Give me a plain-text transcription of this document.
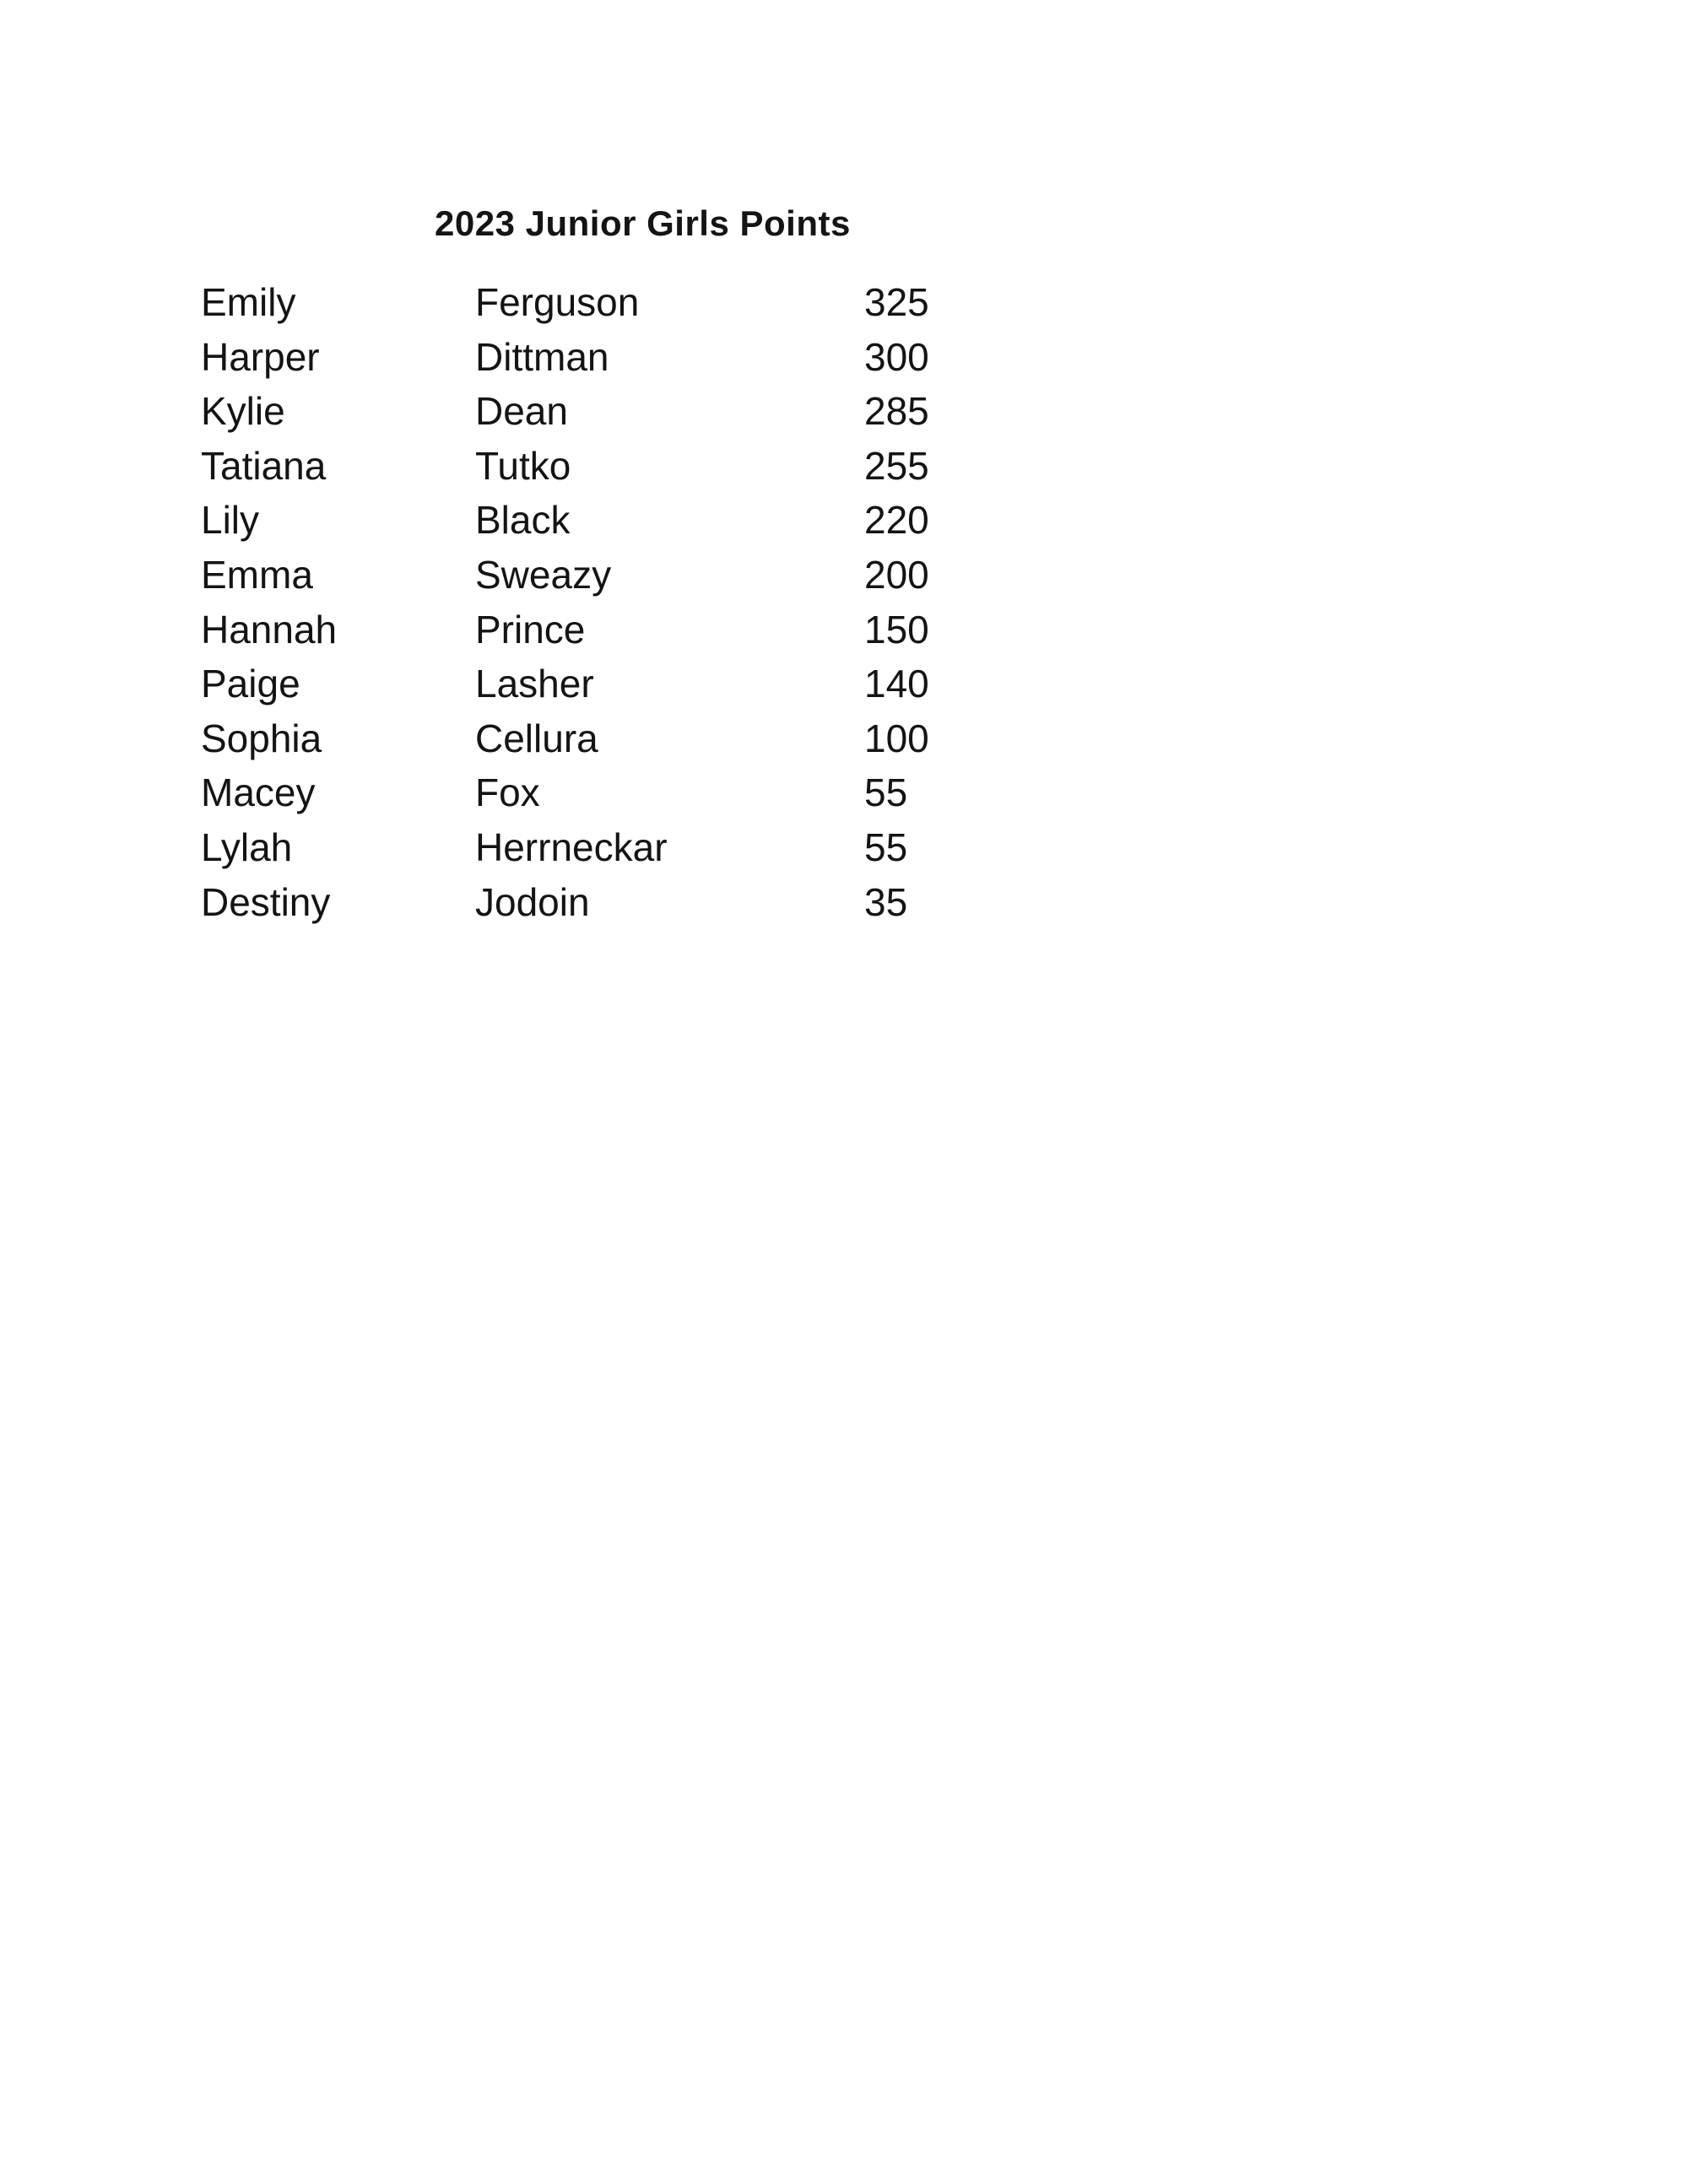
2023 Junior Girls Points
Emily	Ferguson	325
Harper	Dittman	300
Kylie	Dean	285
Tatiana	Tutko	255
Lily	Black	220
Emma	Sweazy	200
Hannah	Prince	150
Paige	Lasher	140
Sophia	Cellura	100
Macey	Fox	55
Lylah	Herrneckar	55
Destiny	Jodoin	35
